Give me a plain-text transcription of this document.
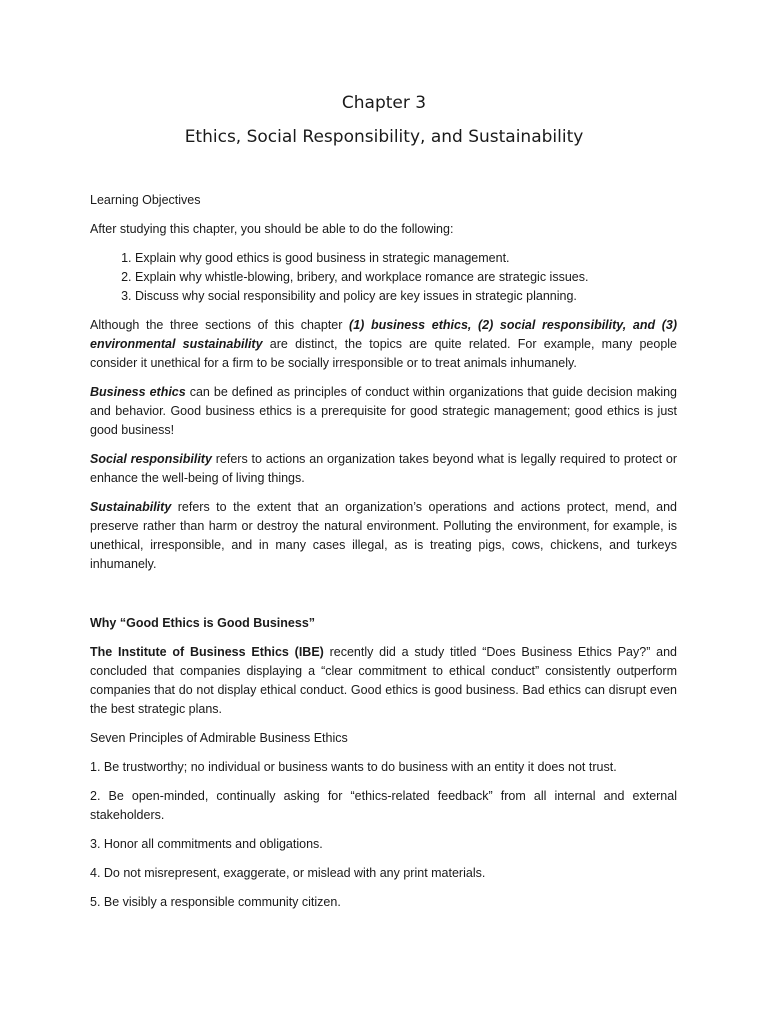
Chapter 3
Ethics, Social Responsibility, and Sustainability

Learning Objectives

After studying this chapter, you should be able to do the following:

1. Explain why good ethics is good business in strategic management.
2. Explain why whistle-blowing, bribery, and workplace romance are strategic issues.
3. Discuss why social responsibility and policy are key issues in strategic planning.

Although the three sections of this chapter (1) business ethics, (2) social responsibility, and (3) environmental sustainability are distinct, the topics are quite related. For example, many people consider it unethical for a firm to be socially irresponsible or to treat animals inhumanely.

Business ethics can be defined as principles of conduct within organizations that guide decision making and behavior. Good business ethics is a prerequisite for good strategic management; good ethics is just good business!

Social responsibility refers to actions an organization takes beyond what is legally required to protect or enhance the well-being of living things.

Sustainability refers to the extent that an organization’s operations and actions protect, mend, and preserve rather than harm or destroy the natural environment. Polluting the environment, for example, is unethical, irresponsible, and in many cases illegal, as is treating pigs, cows, chickens, and turkeys inhumanely.

Why “Good Ethics is Good Business”

The Institute of Business Ethics (IBE) recently did a study titled “Does Business Ethics Pay?” and concluded that companies displaying a “clear commitment to ethical conduct” consistently outperform companies that do not display ethical conduct. Good ethics is good business. Bad ethics can disrupt even the best strategic plans.

Seven Principles of Admirable Business Ethics

1. Be trustworthy; no individual or business wants to do business with an entity it does not trust.

2. Be open-minded, continually asking for “ethics-related feedback” from all internal and external stakeholders.

3. Honor all commitments and obligations.

4. Do not misrepresent, exaggerate, or mislead with any print materials.

5. Be visibly a responsible community citizen.
